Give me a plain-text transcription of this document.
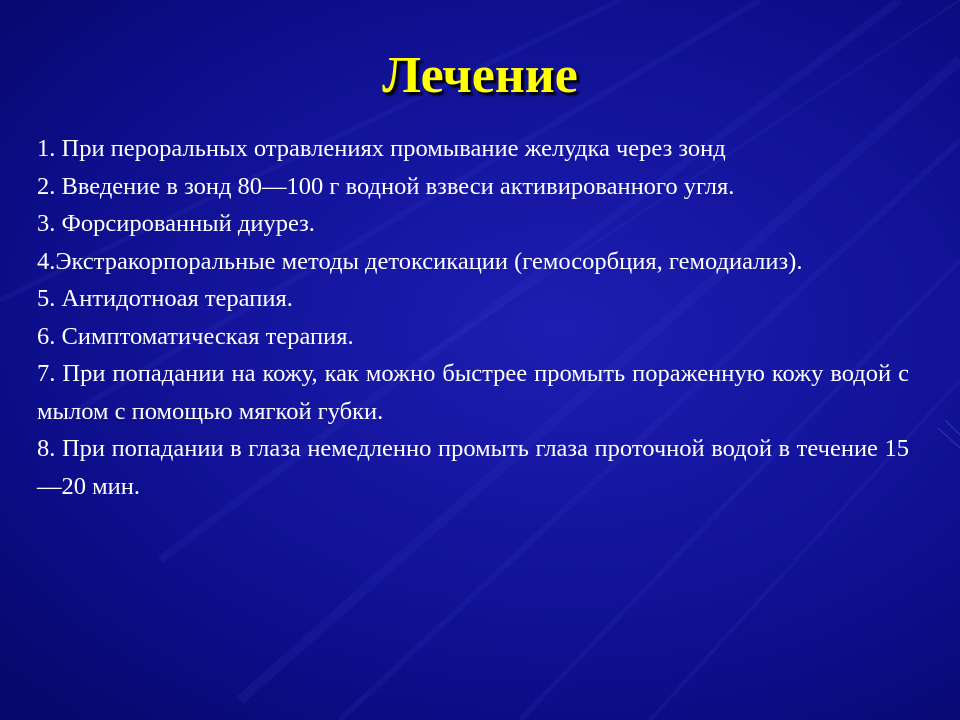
Лечение
1. При пероральных отравлениях промывание желудка через зонд
2. Введение в зонд 80—100 г водной взвеси активированного угля.
3. Форсированный диурез.
4.Экстракорпоральные методы детоксикации (гемосорбция, гемодиализ).
5. Антидотноая терапия.
6. Симптоматическая терапия.
7. При попадании на кожу, как можно быстрее промыть пораженную кожу водой с мылом с помощью мягкой губки.
8. При попадании в глаза немедленно промыть глаза проточной водой в течение 15—20 мин.
